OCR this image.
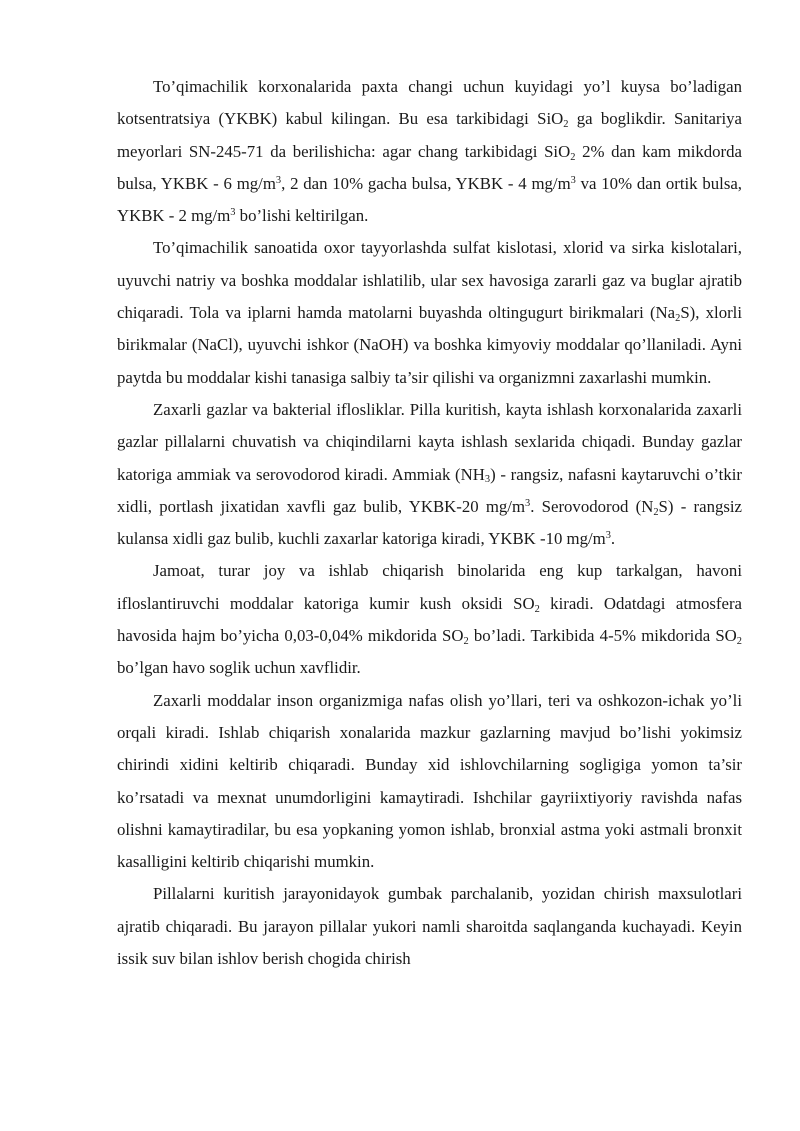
To’qimachilik korxonalarida paxta changi uchun kuyidagi yo’l kuysa bo’ladigan kotsentratsiya (YKBK) kabul kilingan. Bu esa tarkibidagi SiO$_2$ ga boglikdir. Sanitariya meyorlari SN-245-71 da berilishicha: agar chang tarkibidagi SiO$_2$ 2% dan kam mikdorda bulsa, YKBK - 6 $mg/m^3$, 2 dan 10% gacha bulsa, YKBK - 4 $mg/m^3$ va 10% dan ortik bulsa, YKBK - 2 $mg/m^3$ bo’lishi keltirilgan.

To’qimachilik sanoatida oxor tayyorlashda sulfat kislotasi, xlorid va sirka kislotalari, uyuvchi natriy va boshka moddalar ishlatilib, ular sex havosiga zararli gaz va buglar ajratib chiqaradi. Tola va iplarni hamda matolarni buyashda oltingugurt birikmalari $(Na_2S)$, xlorli birikmalar (NaCl), uyuvchi ishkor (NaOH) va boshka kimyoviy moddalar qo’llaniladi. Ayni paytda bu moddalar kishi tanasiga salbiy ta’sir qilishi va organizmni zaxarlashi mumkin.

Zaxarli gazlar va bakterial iflosliklar. Pilla kuritish, kayta ishlash korxonalarida zaxarli gazlar pillalarni chuvatish va chiqindilarni kayta ishlash sexlarida chiqadi. Bunday gazlar katoriga ammiak va serovodorod kiradi. Ammiak $(NH_3)$ - rangsiz, nafasni kaytaruvchi o’tkir xidli, portlash jixatidan xavfli gaz bulib, YKBK-20 $mg/m^3$. Serovodorod $(N_2S)$ - rangsiz kulansa xidli gaz bulib, kuchli zaxarlar katoriga kiradi, YKBK -10 $mg/m^3$.

Jamoat, turar joy va ishlab chiqarish binolarida eng kup tarkalgan, havoni ifloslantiruvchi moddalar katoriga kumir kush oksidi $SO_2$ kiradi. Odatdagi atmosfera havosida hajm bo’yicha 0,03-0,04% mikdorida $SO_2$ bo’ladi. Tarkibida 4-5% mikdorida $SO_2$ bo’lgan havo soglik uchun xavflidir.

Zaxarli moddalar inson organizmiga nafas olish yo’llari, teri va oshkozon-ichak yo’li orqali kiradi. Ishlab chiqarish xonalarida mazkur gazlarning mavjud bo’lishi yokimsiz chirindi xidini keltirib chiqaradi. Bunday xid ishlovchilarning sogligiga yomon ta’sir ko’rsatadi va mexnat unumdorligini kamaytiradi. Ishchilar gayriixtiyoriy ravishda nafas olishni kamaytiradilar, bu esa yopkaning yomon ishlab, bronxial astma yoki astmali bronxit kasalligini keltirib chiqarishi mumkin.

Pillalarni kuritish jarayonidayok gumbak parchalanib, yozidan chirish maxsulotlari ajratib chiqaradi. Bu jarayon pillalar yukori namli sharoitda saqlanganda kuchayadi. Keyin issik suv bilan ishlov berish chogida chirish
